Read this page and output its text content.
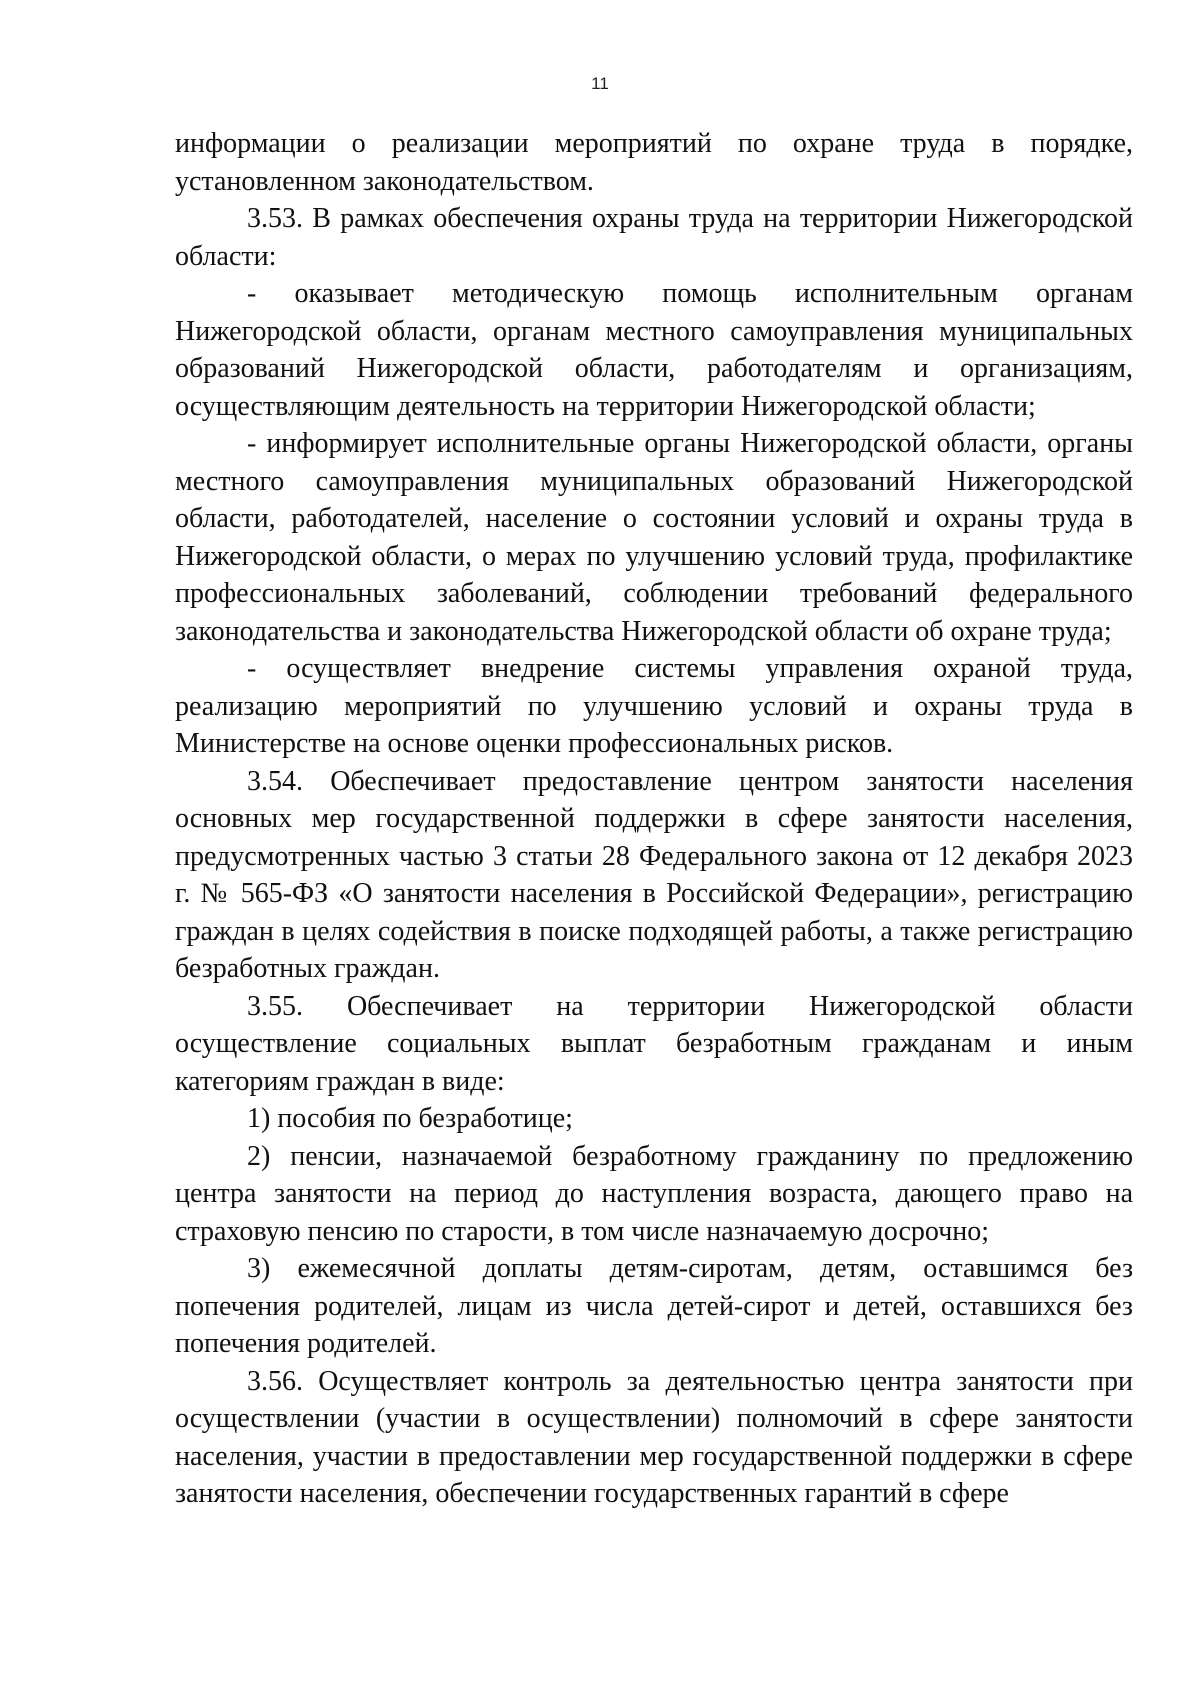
11

информации о реализации мероприятий по охране труда в порядке, установленном законодательством.

3.53. В рамках обеспечения охраны труда на территории Нижегородской области:

- оказывает методическую помощь исполнительным органам Нижегородской области, органам местного самоуправления муниципальных образований Нижегородской области, работодателям и организациям, осуществляющим деятельность на территории Нижегородской области;

- информирует исполнительные органы Нижегородской области, органы местного самоуправления муниципальных образований Нижегородской области, работодателей, население о состоянии условий и охраны труда в Нижегородской области, о мерах по улучшению условий труда, профилактике профессиональных заболеваний, соблюдении требований федерального законодательства и законодательства Нижегородской области об охране труда;

- осуществляет внедрение системы управления охраной труда, реализацию мероприятий по улучшению условий и охраны труда в Министерстве на основе оценки профессиональных рисков.

3.54. Обеспечивает предоставление центром занятости населения основных мер государственной поддержки в сфере занятости населения, предусмотренных частью 3 статьи 28 Федерального закона от 12 декабря 2023 г. № 565-ФЗ «О занятости населения в Российской Федерации», регистрацию граждан в целях содействия в поиске подходящей работы, а также регистрацию безработных граждан.

3.55. Обеспечивает на территории Нижегородской области осуществление социальных выплат безработным гражданам и иным категориям граждан в виде:

1) пособия по безработице;

2) пенсии, назначаемой безработному гражданину по предложению центра занятости на период до наступления возраста, дающего право на страховую пенсию по старости, в том числе назначаемую досрочно;

3) ежемесячной доплаты детям-сиротам, детям, оставшимся без попечения родителей, лицам из числа детей-сирот и детей, оставшихся без попечения родителей.

3.56. Осуществляет контроль за деятельностью центра занятости при осуществлении (участии в осуществлении) полномочий в сфере занятости населения, участии в предоставлении мер государственной поддержки в сфере занятости населения, обеспечении государственных гарантий в сфере
